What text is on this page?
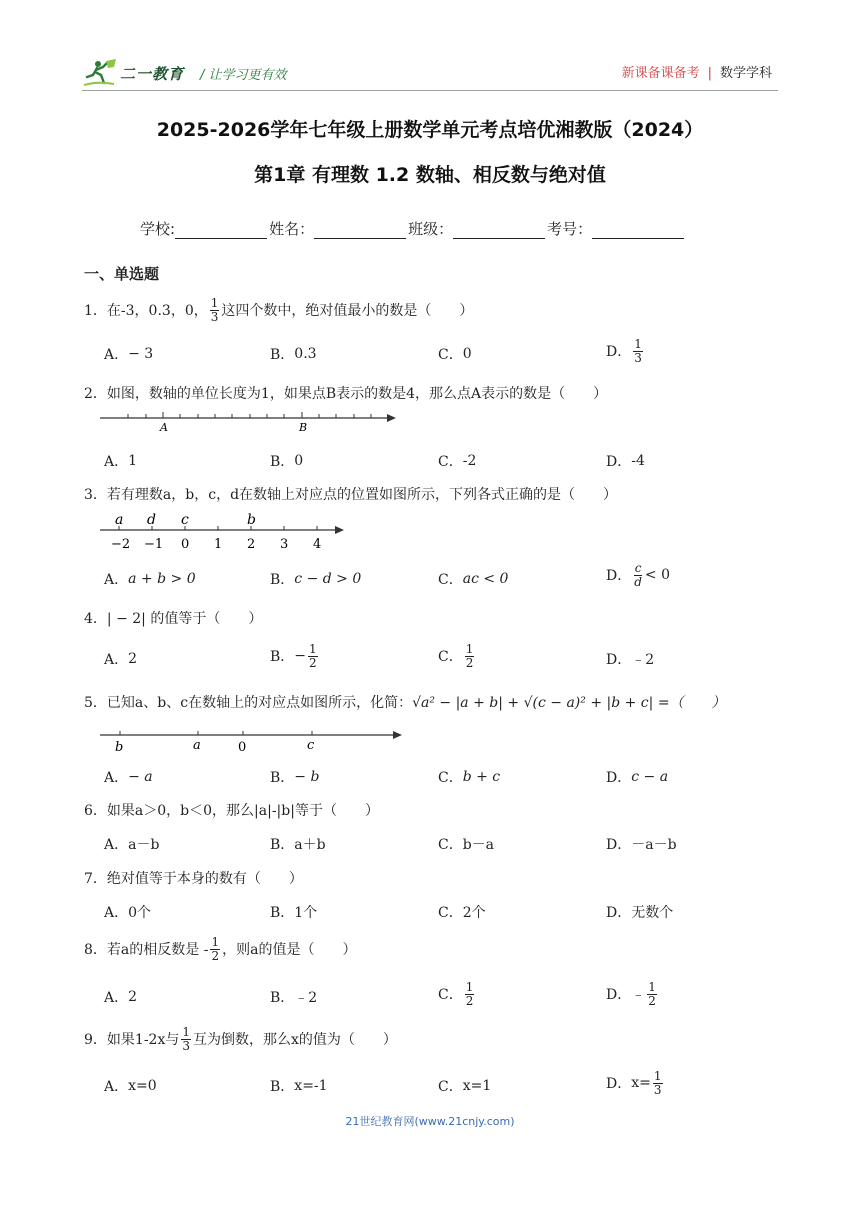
二一教育 / 让学习更有效	新课备课备考 | 数学学科
2025-2026学年七年级上册数学单元考点培优湘教版（2024）
第1章 有理数 1.2 数轴、相反数与绝对值
学校:	姓名：	班级：	考号：
一、单选题
1． 在-3，0.3，0， $\frac{1}{3}$ 这四个数中，绝对值最小的数是（　　）
A． − 3	B． 0.3	C． 0	D． $\frac{1}{3}$
2． 如图，数轴的单位长度为1，如果点B表示的数是4，那么点A表示的数是（　　）
A	B
A． 1	B． 0	C． -2	D． -4
3． 若有理数a，b，c，d在数轴上对应点的位置如图所示，下列各式正确的是（　　）
−2 −1 0 1 2 3 4
a d c	b
A． a + b > 0	B． c − d > 0	C． ac < 0	D． $\frac{c}{d} < 0$
4． | − 2| 的值等于（　　）
A． 2	B． − $\frac{1}{2}$	C． $\frac{1}{2}$	D． ﹣2
5． 已知a、b、c在数轴上的对应点如图所示，化简： √a² − |a + b| + √(c − a)² + |b + c| =（　　）
b	a	0	c
A． − a	B． − b	C． b + c	D． c − a
6． 如果a＞0，b＜0，那么|a|-|b|等于（　　）
A． a－b	B． a＋b	C． b－a	D． －a－b
7． 绝对值等于本身的数有（　　）
A． 0个	B． 1个	C． 2个	D． 无数个
8． 若a的相反数是 - $\frac{1}{2}$ ，则a的值是（　　）
A． 2	B． ﹣2	C． $\frac{1}{2}$	D． ﹣ $\frac{1}{2}$
9． 如果1-2x与 $\frac{1}{3}$ 互为倒数，那么x的值为（　　）
A． x=0	B． x=-1	C． x=1	D． $x= \frac{1}{3}$
21世纪教育网(www.21cnjy.com)
